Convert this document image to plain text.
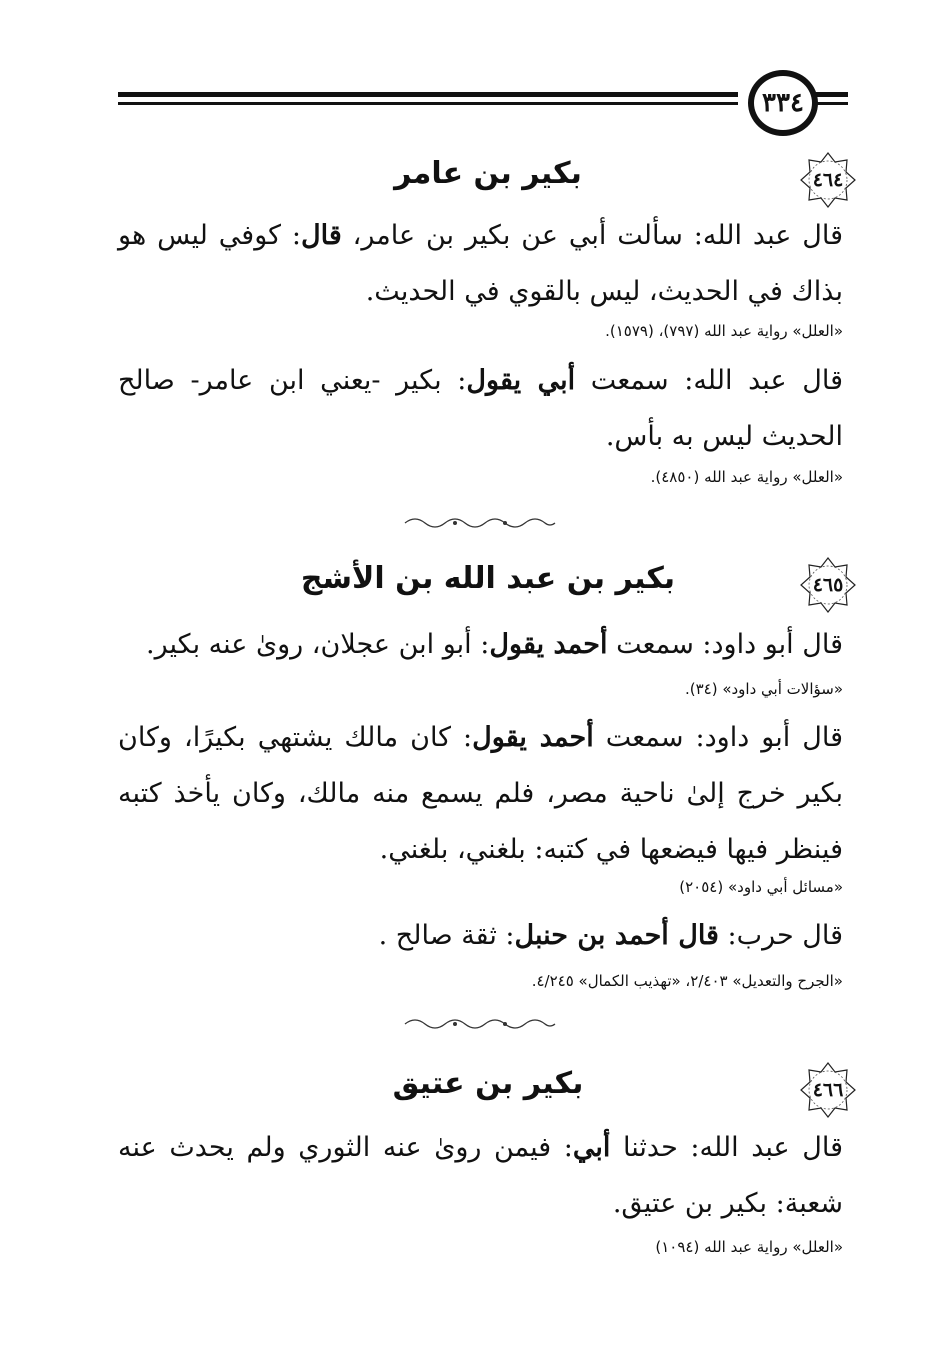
٣٣٤
٤٦٤
بكير بن عامر
قال عبد الله: سألت أبي عن بكير بن عامر، قال: كوفي ليس هو بذاك في الحديث، ليس بالقوي في الحديث.
«العلل» رواية عبد الله (٧٩٧)، (١٥٧٩).
قال عبد الله: سمعت أبي يقول: بكير -يعني ابن عامر- صالح الحديث ليس به بأس.
«العلل» رواية عبد الله (٤٨٥٠).
٤٦٥
بكير بن عبد الله بن الأشج
قال أبو داود: سمعت أحمد يقول: أبو ابن عجلان، روىٰ عنه بكير.
«سؤالات أبي داود» (٣٤).
قال أبو داود: سمعت أحمد يقول: كان مالك يشتهي بكيرًا، وكان بكير خرج إلىٰ ناحية مصر، فلم يسمع منه مالك، وكان يأخذ كتبه فينظر فيها فيضعها في كتبه: بلغني، بلغني.
«مسائل أبي داود» (٢٠٥٤)
قال حرب: قال أحمد بن حنبل: ثقة صالح .
«الجرح والتعديل» ٢/٤٠٣، «تهذيب الكمال» ٤/٢٤٥.
٤٦٦
بكير بن عتيق
قال عبد الله: حدثنا أبي: فيمن روىٰ عنه الثوري ولم يحدث عنه شعبة: بكير بن عتيق.
«العلل» رواية عبد الله (١٠٩٤)
